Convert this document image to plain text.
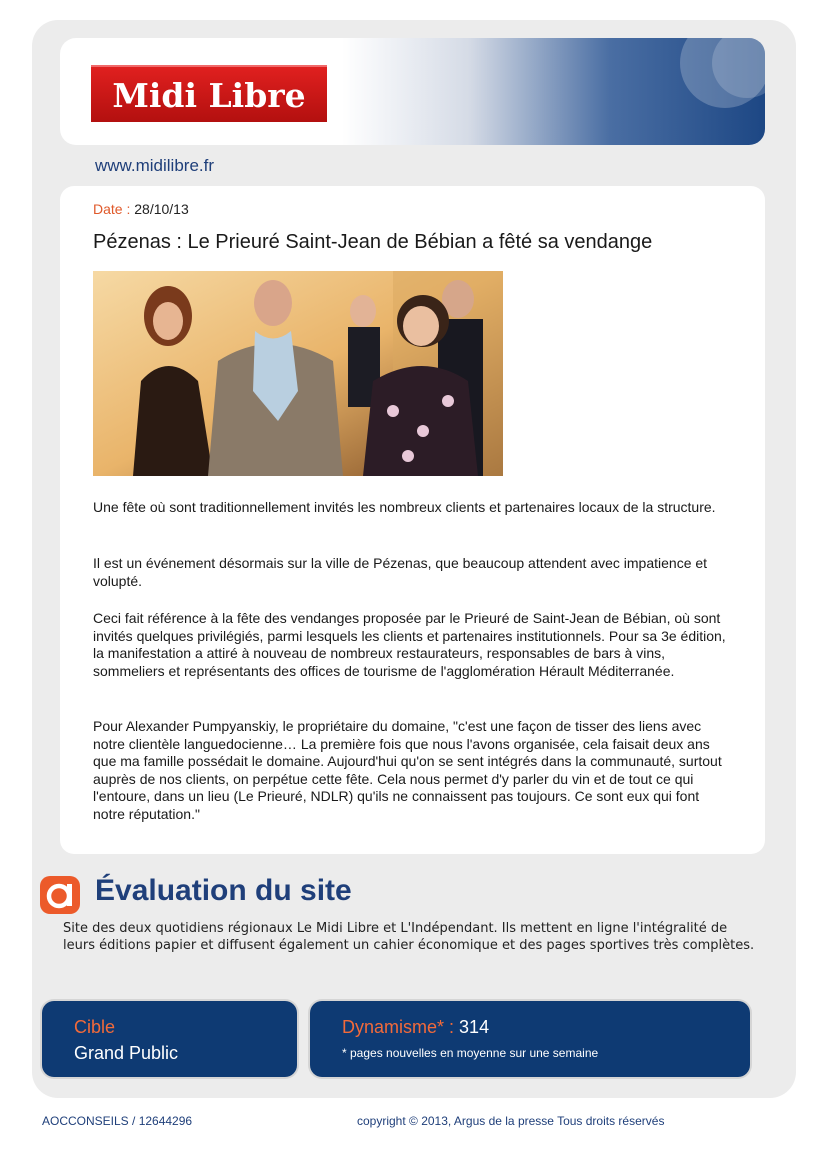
Midi Libre
www.midilibre.fr
Date : 28/10/13
Pézenas : Le Prieuré Saint-Jean de Bébian a fêté sa vendange

Une fête où sont traditionnellement invités les nombreux clients et partenaires locaux de la structure.

Il est un événement désormais sur la ville de Pézenas, que beaucoup attendent avec impatience et volupté.

Ceci fait référence à la fête des vendanges proposée par le Prieuré de Saint-Jean de Bébian, où sont invités quelques privilégiés, parmi lesquels les clients et partenaires institutionnels. Pour sa 3e édition, la manifestation a attiré à nouveau de nombreux restaurateurs, responsables de bars à vins, sommeliers et représentants des offices de tourisme de l'agglomération Hérault Méditerranée.

Pour Alexander Pumpyanskiy, le propriétaire du domaine, "c'est une façon de tisser des liens avec notre clientèle languedocienne… La première fois que nous l'avons organisée, cela faisait deux ans que ma famille possédait le domaine. Aujourd'hui qu'on se sent intégrés dans la communauté, surtout auprès de nos clients, on perpétue cette fête. Cela nous permet d'y parler du vin et de tout ce qui l'entoure, dans un lieu (Le Prieuré, NDLR) qu'ils ne connaissent pas toujours. Ce sont eux qui font notre réputation."

Évaluation du site

Site des deux quotidiens régionaux Le Midi Libre et L'Indépendant. Ils mettent en ligne l'intégralité de leurs éditions papier et diffusent également un cahier économique et des pages sportives très complètes.

Cible
Grand Public
Dynamisme* : 314
* pages nouvelles en moyenne sur une semaine
AOCCONSEILS / 12644296	copyright © 2013, Argus de la presse Tous droits réservés
